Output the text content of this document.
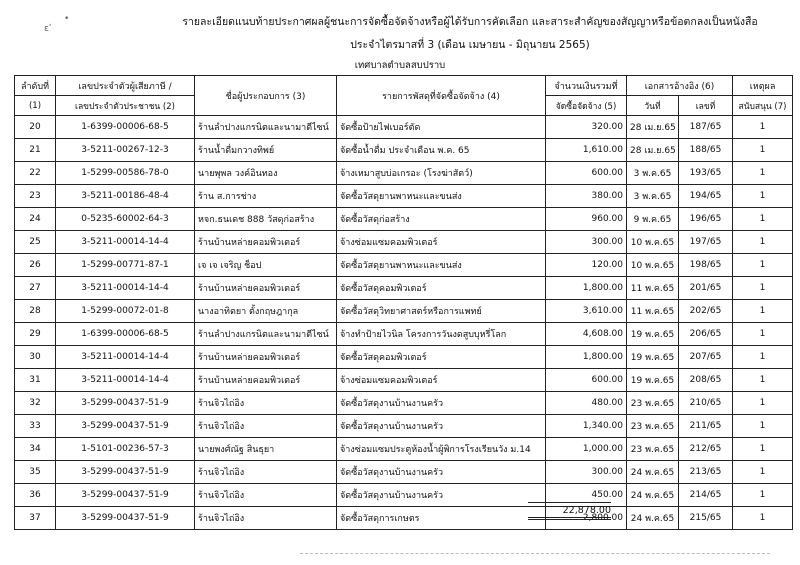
•
ɛʹ
รายละเอียดแนบท้ายประกาศผลผู้ชนะการจัดซื้อจัดจ้างหรือผู้ได้รับการคัดเลือก และสาระสำคัญของสัญญาหรือข้อตกลงเป็นหนังสือ
ประจำไตรมาสที่ 3 (เดือน เมษายน - มิถุนายน 2565)
เทศบาลตำบลสบปราบ
ลำดับที่	เลขประจำตัวผู้เสียภาษี /	ชื่อผู้ประกอบการ (3)	รายการพัสดุที่จัดซื้อจัดจ้าง (4)	จำนวนเงินรวมที่	เอกสารอ้างอิง (6)		เหตุผล
(1)	เลขประจำตัวประชาชน (2)			จัดซื้อจัดจ้าง (5)	วันที่	เลขที่	สนับสนุน (7)
20	1-6399-00006-68-5	ร้านลำปางแกรนิตและนามาตีไซน์	จัดซื้อป้ายไฟเบอร์ตัด	320.00	28 เม.ย.65	187/65	1
21	3-5211-00267-12-3	ร้านน้ำดื่มกวางทิพย์	จัดซื้อน้ำดื่ม ประจำเดือน พ.ค. 65	1,610.00	28 เม.ย.65	188/65	1
22	1-5299-00586-78-0	นายพุพล วงค์อินทอง	จ้างเหมาสูบบ่อเกรอะ (โรงฆ่าสัตว์)	600.00	3 พ.ค.65	193/65	1
23	3-5211-00186-48-4	ร้าน ส.การช่าง	จัดซื้อวัสดุยานพาหนะและขนส่ง	380.00	3 พ.ค.65	194/65	1
24	0-5235-60002-64-3	หจก.ธนเดช 888 วัสดุก่อสร้าง	จัดซื้อวัสดุก่อสร้าง	960.00	9 พ.ค.65	196/65	1
25	3-5211-00014-14-4	ร้านบ้านหล่ายคอมพิวเตอร์	จ้างซ่อมแซมคอมพิวเตอร์	300.00	10 พ.ค.65	197/65	1
26	1-5299-00771-87-1	เจ เจ เจริญ ช็อป	จัดซื้อวัสดุยานพาหนะและขนส่ง	120.00	10 พ.ค.65	198/65	1
27	3-5211-00014-14-4	ร้านบ้านหล่ายคอมพิวเตอร์	จัดซื้อวัสดุคอมพิวเตอร์	1,800.00	11 พ.ค.65	201/65	1
28	1-5299-00072-01-8	นางอาทิตยา ตั้งกฤษฎากุล	จัดซื้อวัสดุวิทยาศาสตร์หรือการแพทย์	3,610.00	11 พ.ค.65	202/65	1
29	1-6399-00006-68-5	ร้านลำปางแกรนิตและนามาตีไซน์	จ้างทำป้ายไวนิล โครงการวันงดสูบบุหรี่โลก	4,608.00	19 พ.ค.65	206/65	1
30	3-5211-00014-14-4	ร้านบ้านหล่ายคอมพิวเตอร์	จัดซื้อวัสดุคอมพิวเตอร์	1,800.00	19 พ.ค.65	207/65	1
31	3-5211-00014-14-4	ร้านบ้านหล่ายคอมพิวเตอร์	จ้างซ่อมแซมคอมพิวเตอร์	600.00	19 พ.ค.65	208/65	1
32	3-5299-00437-51-9	ร้านจิวไถ่อิง	จัดซื้อวัสดุงานบ้านงานครัว	480.00	23 พ.ค.65	210/65	1
33	3-5299-00437-51-9	ร้านจิวไถ่อิง	จัดซื้อวัสดุงานบ้านงานครัว	1,340.00	23 พ.ค.65	211/65	1
34	1-5101-00236-57-3	นายพงศ์ณัฐ สินธุยา	จ้างซ่อมแซมประตูห้องน้ำผู้พิการโรงเรียนวัง ม.14	1,000.00	23 พ.ค.65	212/65	1
35	3-5299-00437-51-9	ร้านจิวไถ่อิง	จัดซื้อวัสดุงานบ้านงานครัว	300.00	24 พ.ค.65	213/65	1
36	3-5299-00437-51-9	ร้านจิวไถ่อิง	จัดซื้อวัสดุงานบ้านงานครัว	450.00	24 พ.ค.65	214/65	1
37	3-5299-00437-51-9	ร้านจิวไถ่อิง	จัดซื้อวัสดุการเกษตร	2,800.00	24 พ.ค.65	215/65	1
22,878.00
